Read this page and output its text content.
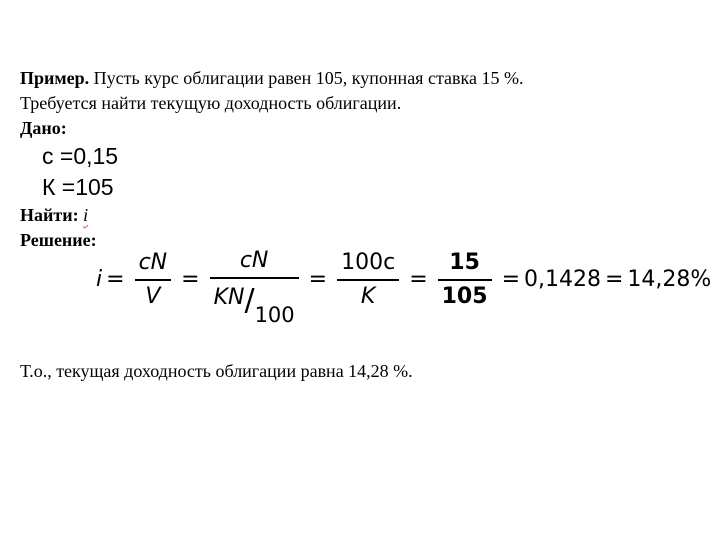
Пример. Пусть курс облигации равен 105, купонная ставка 15 %.
Требуется найти текущую доходность облигации.
Дано:
c =0,15
К =105
Найти: i
Решение:
$i = \frac{cN}{V} = \frac{cN}{KN/100} = \frac{100c}{K} = \frac{15}{105} = 0,1428 = 14,28\%$
Т.о., текущая доходность облигации равна 14,28 %.
